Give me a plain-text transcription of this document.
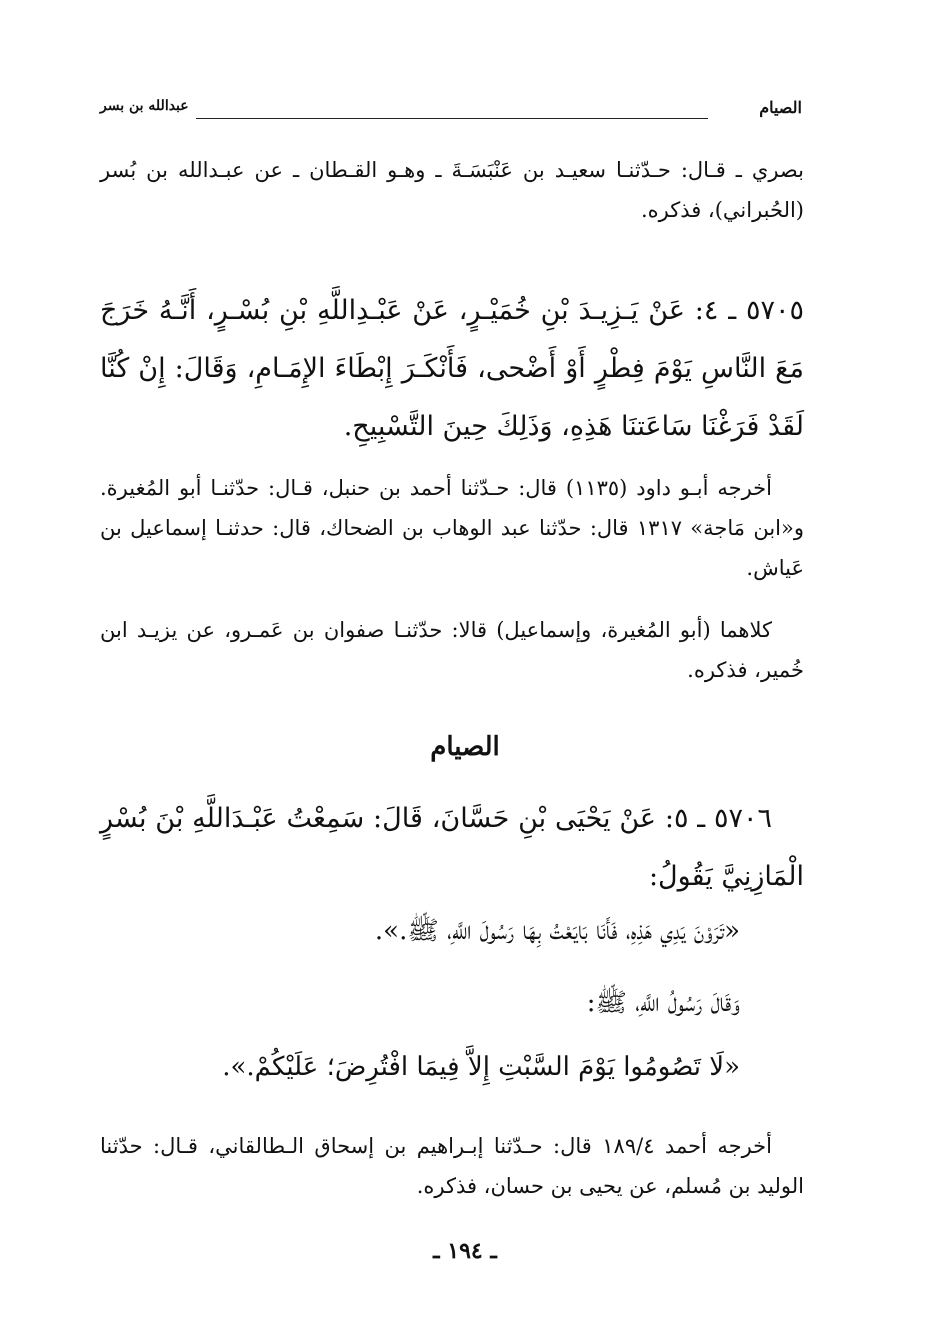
الصيام
عبدالله بن بسر

بصري ـ قـال: حـدّثنـا سعيـد بن عَنْبَسَـةَ ـ وهـو القـطان ـ عن عبـدالله بن بُسر (الحُبراني)، فذكره.

٥٧٠٥ ـ ٤: عَنْ يَـزِيـدَ بْنِ خُمَيْـرٍ، عَنْ عَبْـدِاللَّهِ بْنِ بُسْـرٍ، أَنَّـهُ خَرَجَ مَعَ النَّاسِ يَوْمَ فِطْرٍ أَوْ أَضْحى، فَأَنْكَـرَ إِبْطَاءَ الإِمَـامِ، وَقَالَ: إِنْ كُنَّا لَقَدْ فَرَغْنَا سَاعَتنَا هَذِهِ، وَذَلِكَ حِينَ التَّسْبِيحِ.

أخرجه أبـو داود (١١٣٥) قال: حـدّثنا أحمد بن حنبل، قـال: حدّثنـا أبو المُغيرة. و«ابن مَاجة» ١٣١٧ قال: حدّثنا عبد الوهاب بن الضحاك، قال: حدثنـا إسماعيل بن عَياش.

كلاهما (أبو المُغيرة، وإسماعيل) قالا: حدّثنـا صفوان بن عَمـرو، عن يزيـد ابن خُمير، فذكره.

الصيام

٥٧٠٦ ـ ٥: عَنْ يَحْيَى بْنِ حَسَّانَ، قَالَ: سَمِعْتُ عَبْـدَاللَّهِ بْنَ بُسْرٍ الْمَازِنِيَّ يَقُولُ:

«تَرَوْنَ يَدِي هَذِهِ، فَأَنَا بَايَعْتُ بِهَا رَسُولَ اللَّهِ، ﷺ.».
وَقَالَ رَسُولُ اللَّهِ، ﷺ:
«لَا تَصُومُوا يَوْمَ السَّبْتِ إِلاَّ فِيمَا افْتُرِضَ؛ عَلَيْكُمْ.».

أخرجه أحمد ١٨٩/٤ قال: حـدّثنا إبـراهيم بن إسحاق الـطالقاني، قـال: حدّثنا الوليد بن مُسلم، عن يحيى بن حسان، فذكره.

ـ ١٩٤ ـ
